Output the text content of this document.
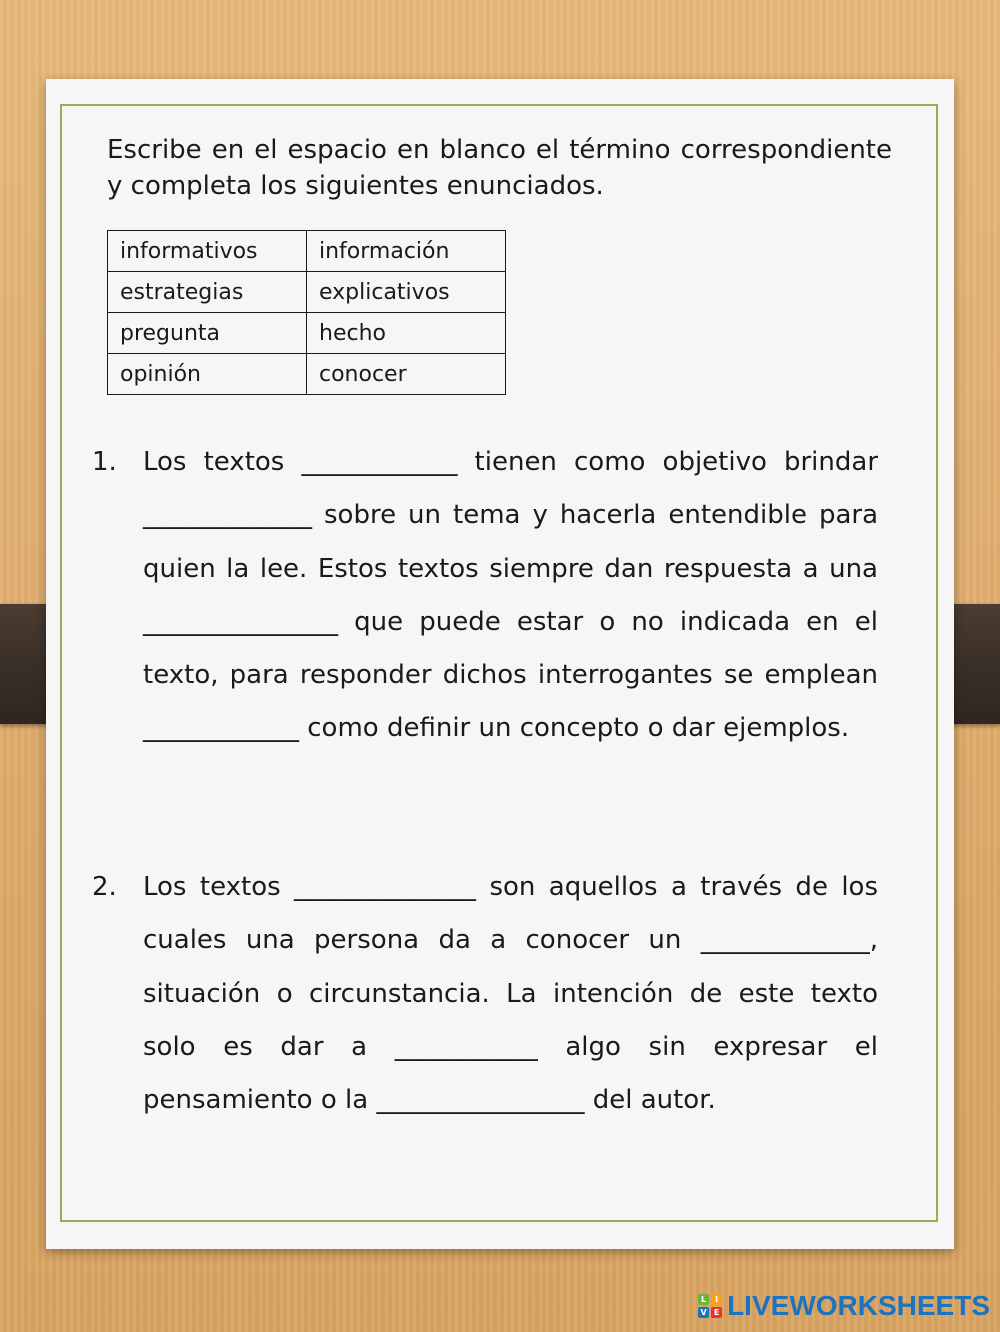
Escribe en el espacio en blanco el término correspondiente y completa los siguientes enunciados.
informativos	información
estrategias	explicativos
pregunta	hecho
opinión	conocer
1. Los textos ____________ tienen como objetivo brindar _____________ sobre un tema y hacerla entendible para quien la lee. Estos textos siempre dan respuesta a una _______________ que puede estar o no indicada en el texto, para responder dichos interrogantes se emplean ____________ como definir un concepto o dar ejemplos.
2. Los textos ______________ son aquellos a través de los cuales una persona da a conocer un _____________, situación o circunstancia. La intención de este texto solo es dar a ___________ algo sin expresar el pensamiento o la ________________ del autor.
L	I
V E LIVEWORKSHEETS
